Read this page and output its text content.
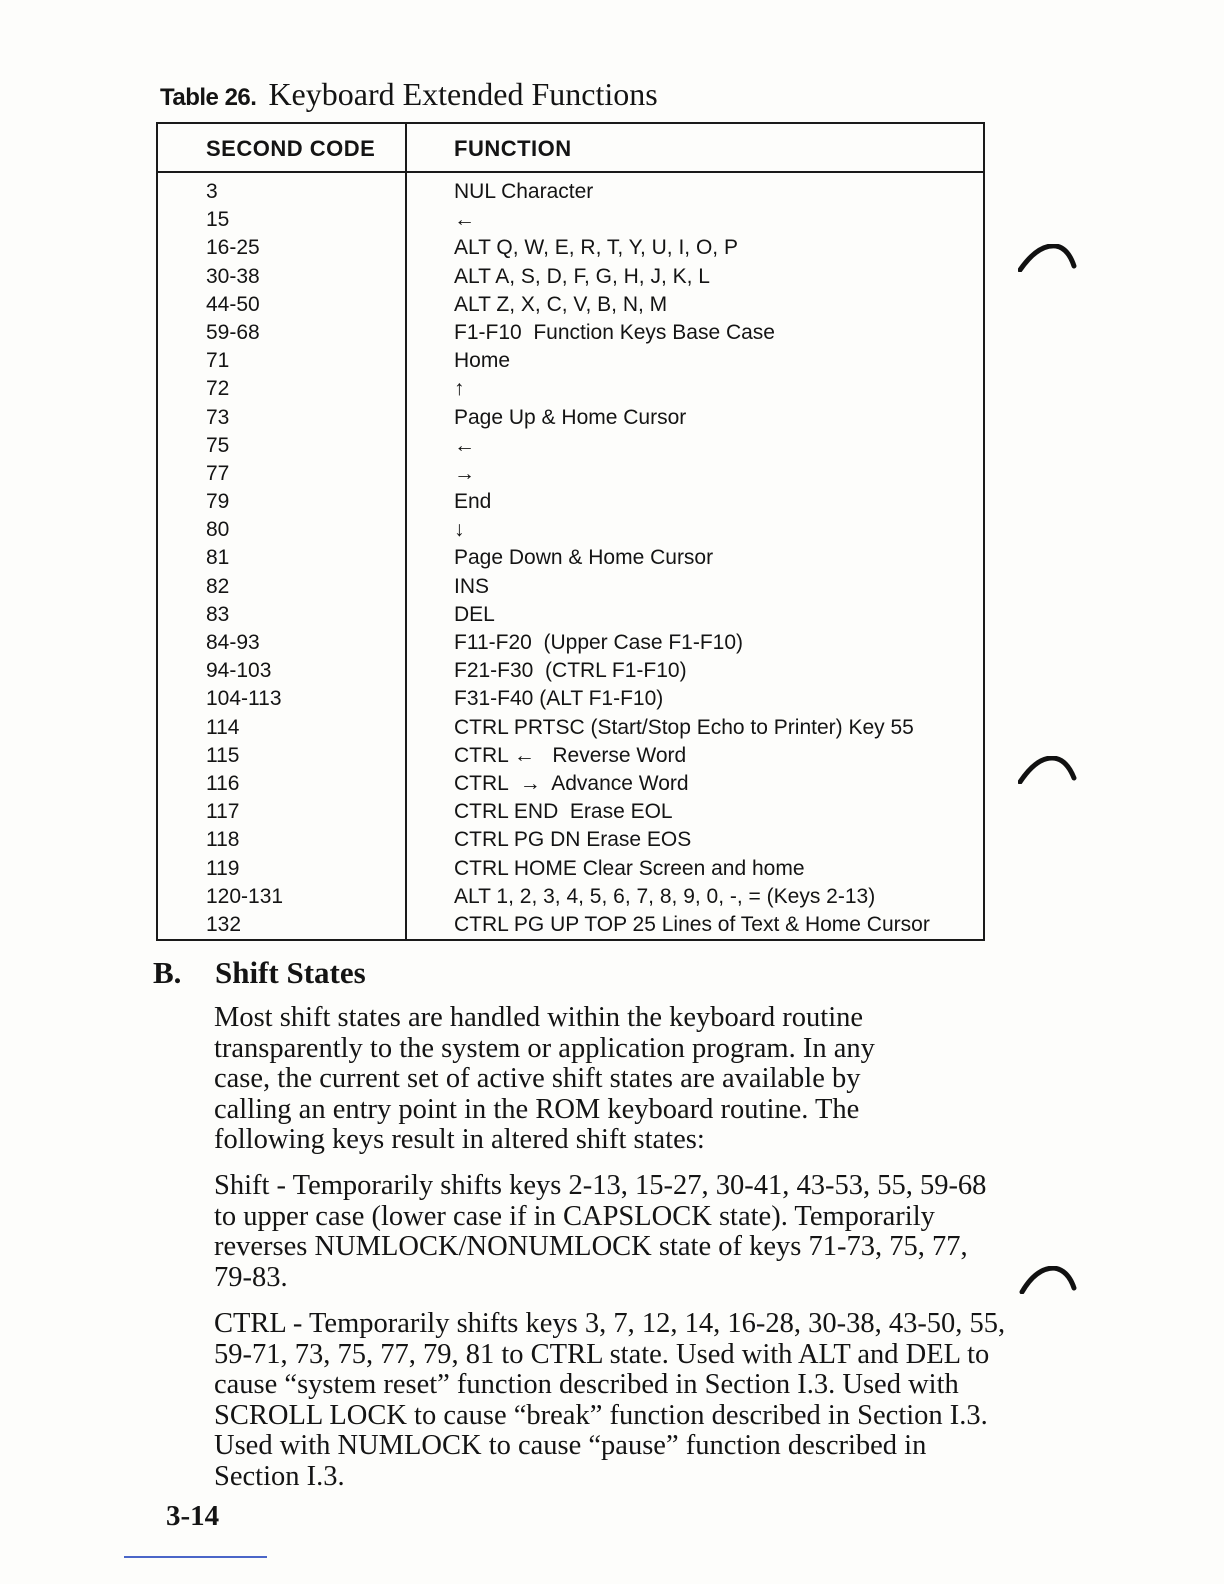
Table 26. Keyboard Extended Functions
SECOND CODE	FUNCTION
3	NUL Character
15	←
16-25	ALT Q, W, E, R, T, Y, U, I, O, P
30-38	ALT A, S, D, F, G, H, J, K, L
44-50	ALT Z, X, C, V, B, N, M
59-68	F1-F10  Function Keys Base Case
71	Home
72	↑
73	Page Up & Home Cursor
75	←
77	→
79	End
80	↓
81	Page Down & Home Cursor
82	INS
83	DEL
84-93	F11-F20  (Upper Case F1-F10)
94-103	F21-F30  (CTRL F1-F10)
104-113	F31-F40 (ALT F1-F10)
114	CTRL PRTSC (Start/Stop Echo to Printer) Key 55
115	CTRL ←   Reverse Word
116	CTRL  →  Advance Word
117	CTRL END  Erase EOL
118	CTRL PG DN Erase EOS
119	CTRL HOME Clear Screen and home
120-131	ALT 1, 2, 3, 4, 5, 6, 7, 8, 9, 0, -, = (Keys 2-13)
132	CTRL PG UP TOP 25 Lines of Text & Home Cursor
B. Shift States

Most shift states are handled within the keyboard routine transparently to the system or application program. In any case, the current set of active shift states are available by calling an entry point in the ROM keyboard routine. The following keys result in altered shift states:

Shift - Temporarily shifts keys 2-13, 15-27, 30-41, 43-53, 55, 59-68 to upper case (lower case if in CAPSLOCK state). Temporarily reverses NUMLOCK/NONUMLOCK state of keys 71-73, 75, 77, 79-83.

CTRL - Temporarily shifts keys 3, 7, 12, 14, 16-28, 30-38, 43-50, 55, 59-71, 73, 75, 77, 79, 81 to CTRL state. Used with ALT and DEL to cause “system reset” function described in Section I.3. Used with SCROLL LOCK to cause “break” function described in Section I.3. Used with NUMLOCK to cause “pause” function described in Section I.3.

3-14
